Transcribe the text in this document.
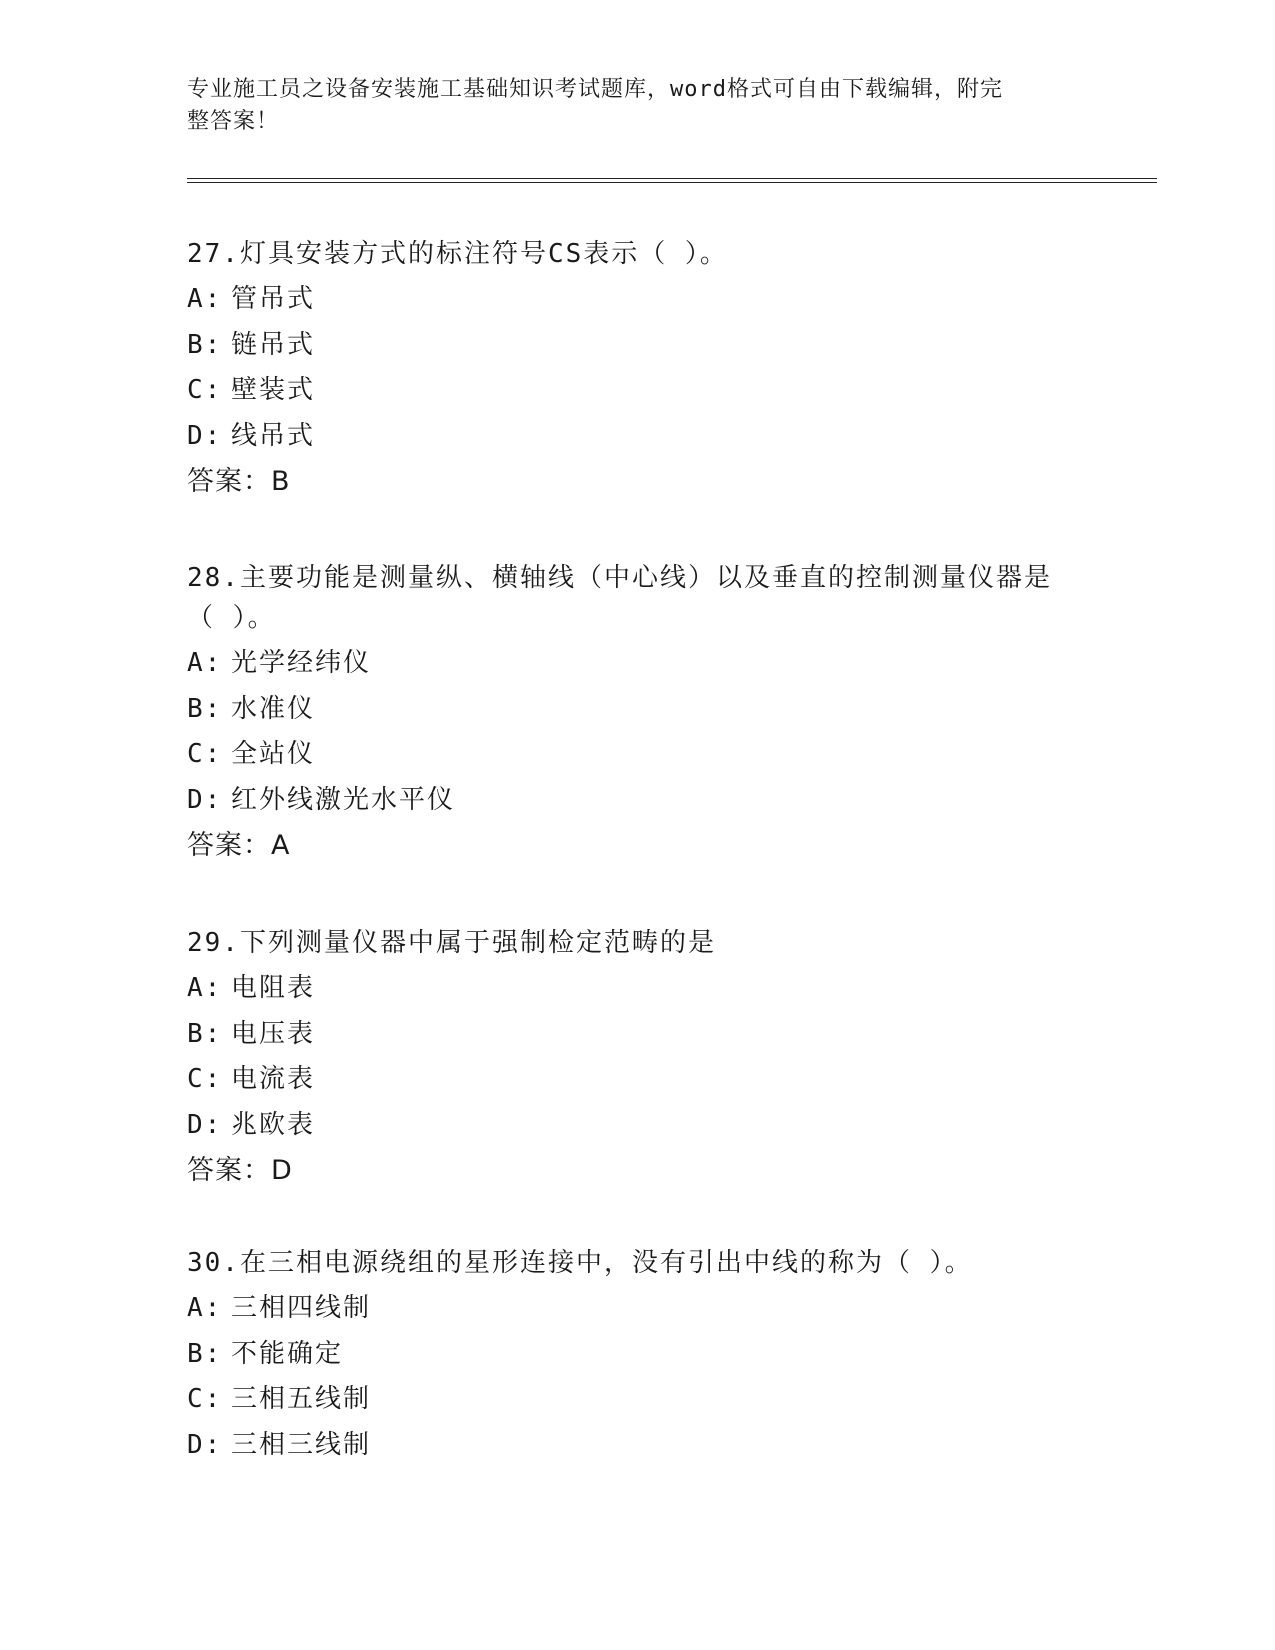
专业施工员之设备安装施工基础知识考试题库，word格式可自由下载编辑，附完
整答案！

27.灯具安装方式的标注符号CS表示（ ）。

A: 管吊式
B: 链吊式
C: 壁装式
D: 线吊式
答案：B

28.主要功能是测量纵、横轴线（中心线）以及垂直的控制测量仪器是

（ ）。

A: 光学经纬仪
B: 水准仪
C: 全站仪
D: 红外线激光水平仪
答案：A

29.下列测量仪器中属于强制检定范畴的是

A: 电阻表
B: 电压表
C: 电流表
D: 兆欧表
答案：D

30.在三相电源绕组的星形连接中，没有引出中线的称为（ ）。

A: 三相四线制
B: 不能确定
C: 三相五线制
D: 三相三线制
